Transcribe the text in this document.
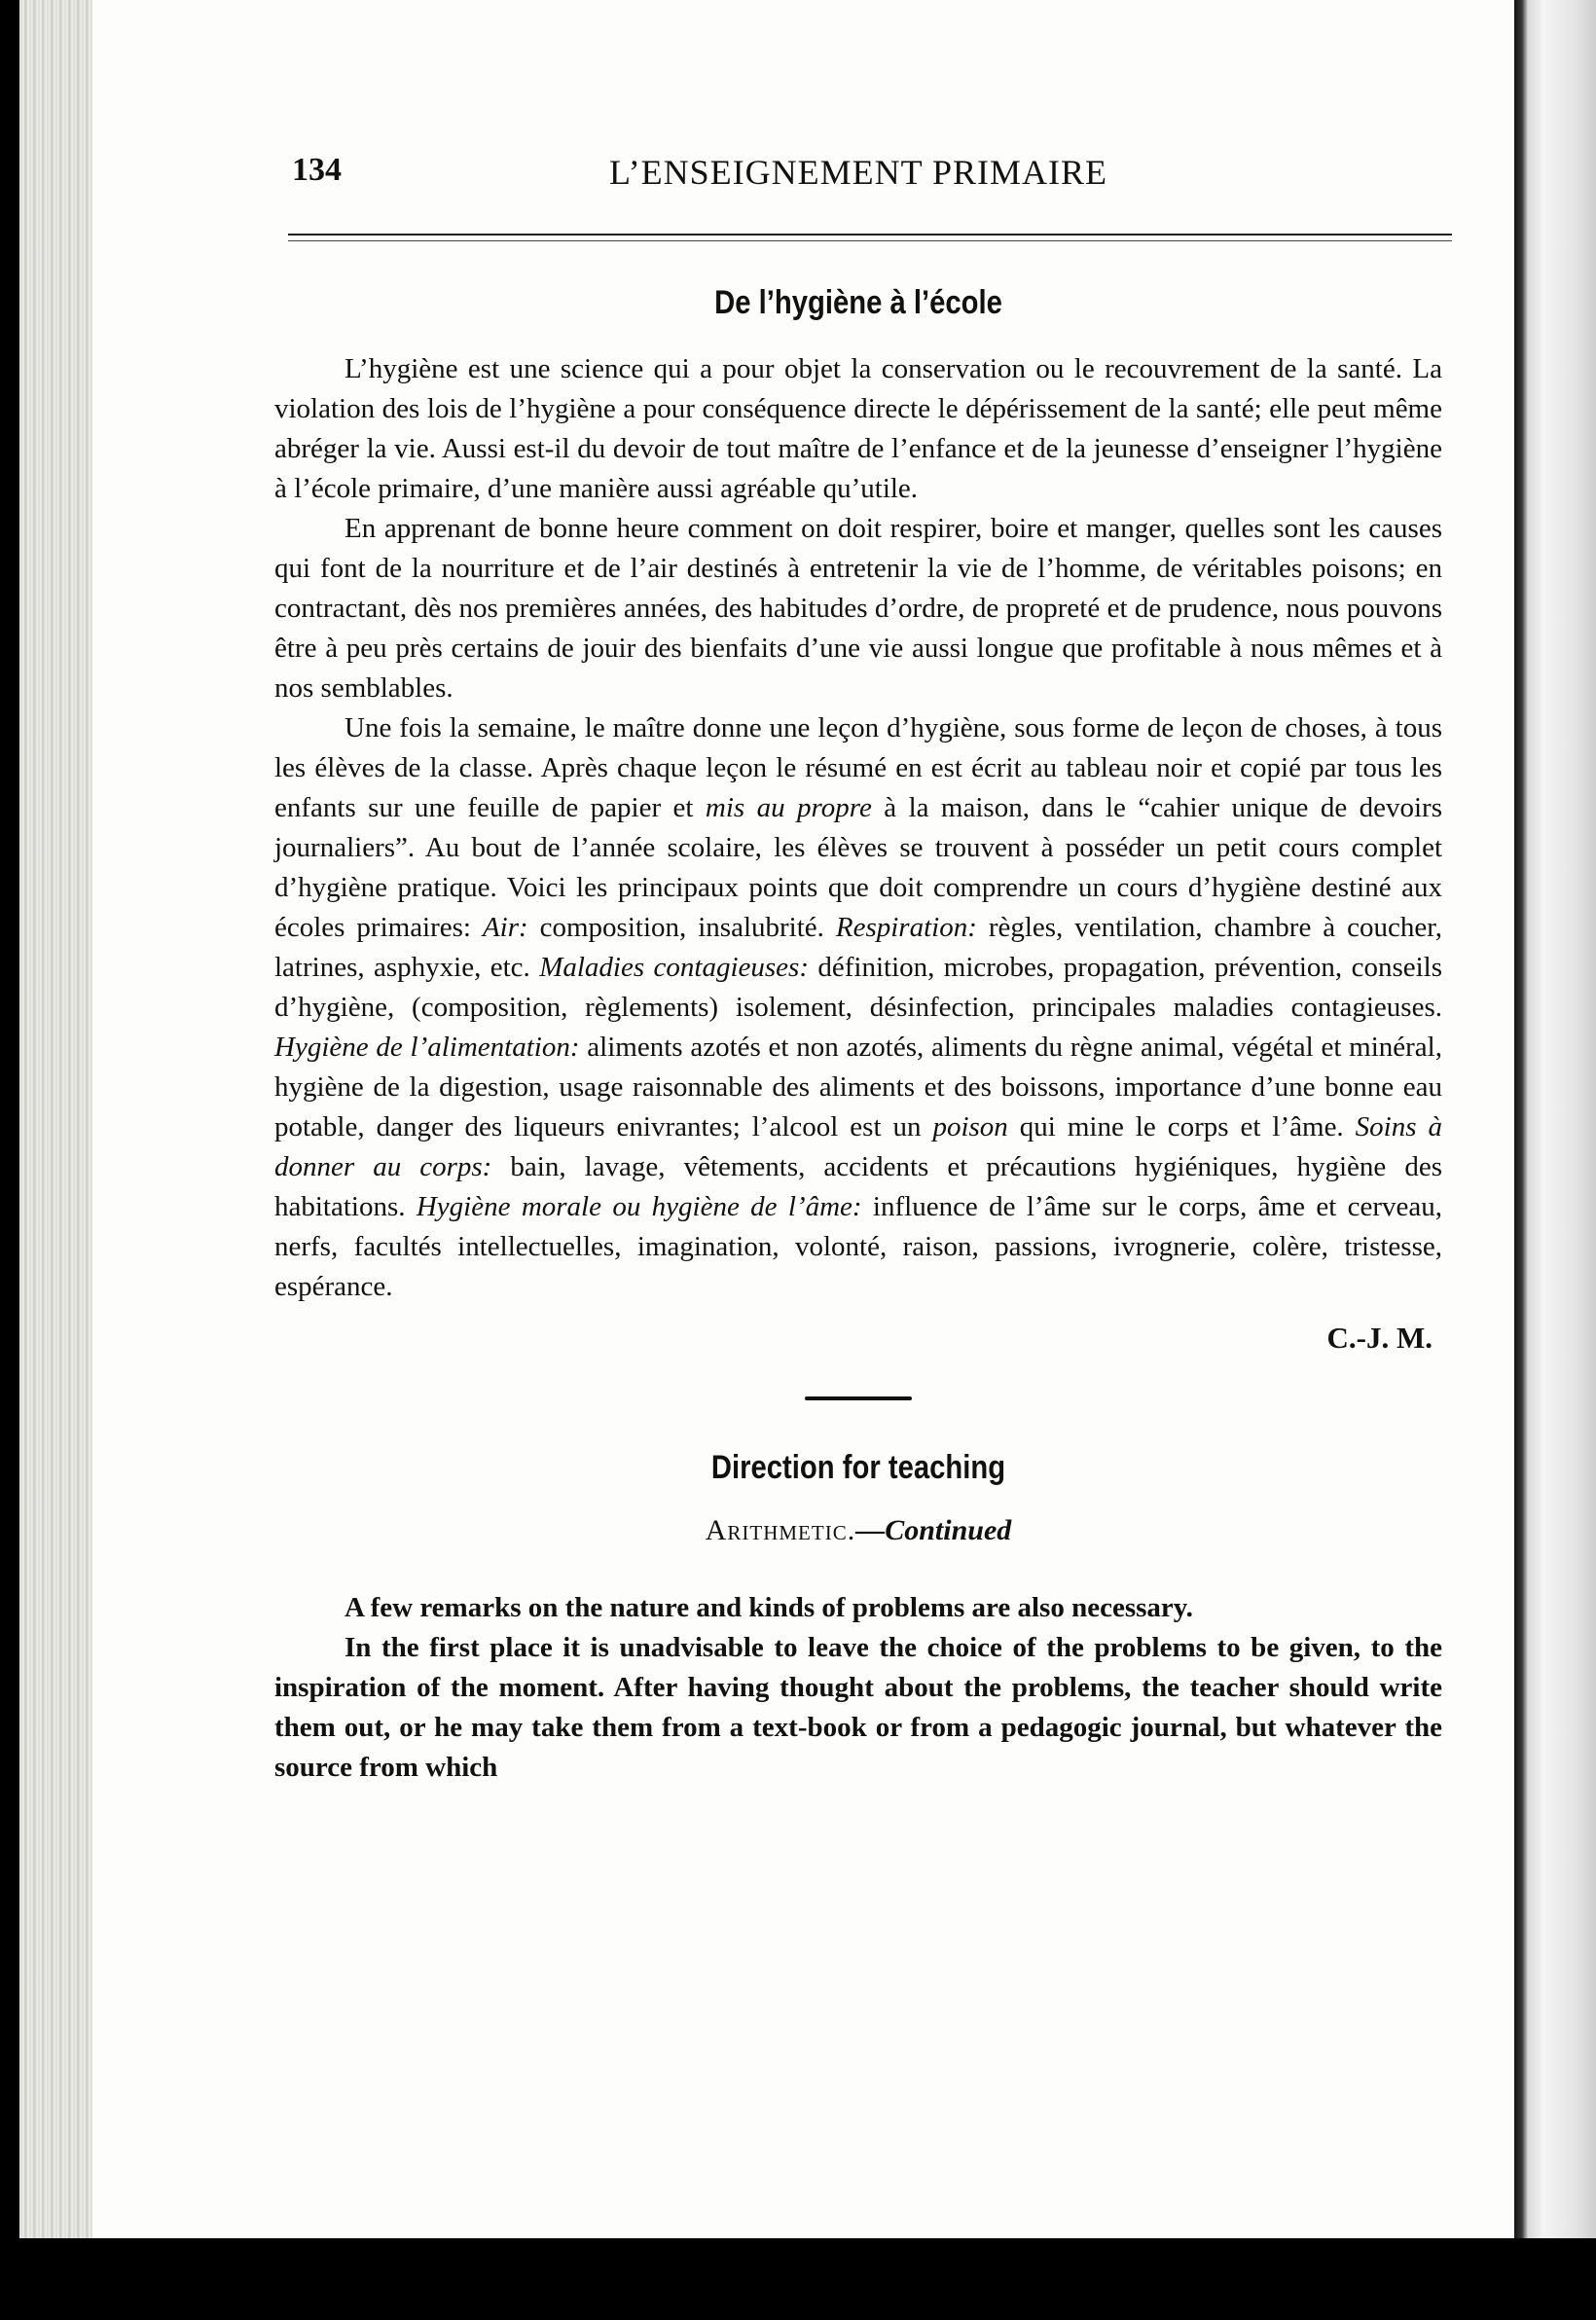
134	L’ENSEIGNEMENT PRIMAIRE
De l’hygiène à l’école

L’hygiène est une science qui a pour objet la conservation ou le recouvrement de la santé. La violation des lois de l’hygiène a pour conséquence directe le dépérissement de la santé; elle peut même abréger la vie. Aussi est-il du devoir de tout maître de l’enfance et de la jeunesse d’enseigner l’hygiène à l’école primaire, d’une manière aussi agréable qu’utile.

En apprenant de bonne heure comment on doit respirer, boire et manger, quelles sont les causes qui font de la nourriture et de l’air destinés à entretenir la vie de l’homme, de véritables poisons; en contractant, dès nos premières années, des habitudes d’ordre, de propreté et de prudence, nous pouvons être à peu près certains de jouir des bienfaits d’une vie aussi longue que profitable à nous mêmes et à nos semblables.

Une fois la semaine, le maître donne une leçon d’hygiène, sous forme de leçon de choses, à tous les élèves de la classe. Après chaque leçon le résumé en est écrit au tableau noir et copié par tous les enfants sur une feuille de papier et mis au propre à la maison, dans le “cahier unique de devoirs journaliers”. Au bout de l’année scolaire, les élèves se trouvent à posséder un petit cours complet d’hygiène pratique. Voici les principaux points que doit comprendre un cours d’hygiène destiné aux écoles primaires: Air: composition, insalubrité. Respiration: règles, ventilation, chambre à coucher, latrines, asphyxie, etc. Maladies contagieuses: définition, microbes, propagation, prévention, conseils d’hygiène, (composition, règlements) isolement, désinfection, principales maladies contagieuses. Hygiène de l’alimentation: aliments azotés et non azotés, aliments du règne animal, végétal et minéral, hygiène de la digestion, usage raisonnable des aliments et des boissons, importance d’une bonne eau potable, danger des liqueurs enivrantes; l’alcool est un poison qui mine le corps et l’âme. Soins à donner au corps: bain, lavage, vêtements, accidents et précautions hygiéniques, hygiène des habitations. Hygiène morale ou hygiène de l’âme: influence de l’âme sur le corps, âme et cerveau, nerfs, facultés intellectuelles, imagination, volonté, raison, passions, ivrognerie, colère, tristesse, espérance.

C.-J. M.
Direction for teaching
Arithmetic.—Continued

A few remarks on the nature and kinds of problems are also necessary.

In the first place it is unadvisable to leave the choice of the problems to be given, to the inspiration of the moment. After having thought about the problems, the teacher should write them out, or he may take them from a text-book or from a pedagogic journal, but whatever the source from which
